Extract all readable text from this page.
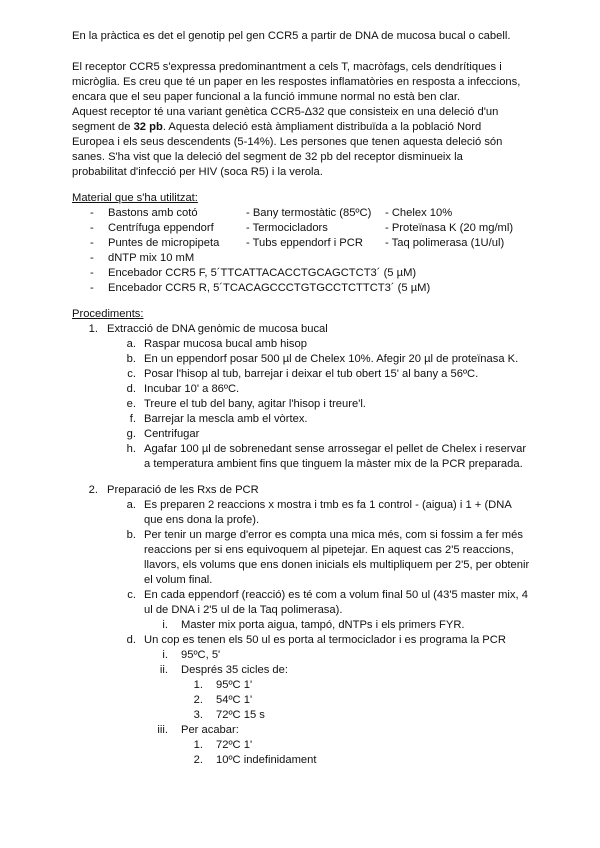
En la pràctica es det el genotip pel gen CCR5 a partir de DNA de mucosa bucal o cabell.
El receptor CCR5 s'expressa predominantment a cels T, macròfags, cels dendrítiques i
micròglia. Es creu que té un paper en les respostes inflamatòries en resposta a infeccions,
encara que el seu paper funcional a la funció immune normal no està ben clar.
Aquest receptor té una variant genètica CCR5-Δ32 que consisteix en una deleció d'un
segment de 32 pb. Aquesta deleció està àmpliament distribuïda a la població Nord
Europea i els seus descendents (5-14%). Les persones que tenen aquesta deleció són
sanes. S'ha vist que la deleció del segment de 32 pb del receptor disminueix la
probabilitat d'infecció per HIV (soca R5) i la verola.
Material que s'ha utilitzat:
- Bastons amb cotó	- Bany termostàtic (85ºC) - Chelex 10%
- Centrífuga eppendorf	- Termocicladors	- Proteïnasa K (20 mg/ml)
- Puntes de micropipeta - Tubs eppendorf i PCR - Taq polimerasa (1U/ul)
- dNTP mix 10 mM
- Encebador CCR5 F, 5´TTCATTACACCTGCAGCTCT3´ (5 µM)
- Encebador CCR5 R, 5´TCACAGCCCTGTGCCTCTTCT3´ (5 µM)
Procediments:
1. Extracció de DNA genòmic de mucosa bucal
a. Raspar mucosa bucal amb hisop
b. En un eppendorf posar 500 µl de Chelex 10%. Afegir 20 µl de proteïnasa K.
c. Posar l'hisop al tub, barrejar i deixar el tub obert 15' al bany a 56ºC.
d. Incubar 10' a 86ºC.
e. Treure el tub del bany, agitar l'hisop i treure'l.
f. Barrejar la mescla amb el vòrtex.
g. Centrifugar
h. Agafar 100 µl de sobrenedant sense arrossegar el pellet de Chelex i reservar
a temperatura ambient fins que tinguem la màster mix de la PCR preparada.
2. Preparació de les Rxs de PCR
a. Es preparen 2 reaccions x mostra i tmb es fa 1 control - (aigua) i 1 + (DNA
que ens dona la profe).
b. Per tenir un marge d'error es compta una mica més, com si fossim a fer més
reaccions per si ens equivoquem al pipetejar. En aquest cas 2'5 reaccions,
llavors, els volums que ens donen inicials els multipliquem per 2'5, per obtenir
el volum final.
c. En cada eppendorf (reacció) es té com a volum final 50 ul (43'5 master mix, 4
ul de DNA i 2'5 ul de la Taq polimerasa).
i. Master mix porta aigua, tampó, dNTPs i els primers FYR.
d. Un cop es tenen els 50 ul es porta al termociclador i es programa la PCR
i. 95ºC, 5'
ii. Després 35 cicles de:
1. 95ºC 1'
2. 54ºC 1'
3. 72ºC 15 s
iii. Per acabar:
1. 72ºC 1'
2. 10ºC indefinidament
